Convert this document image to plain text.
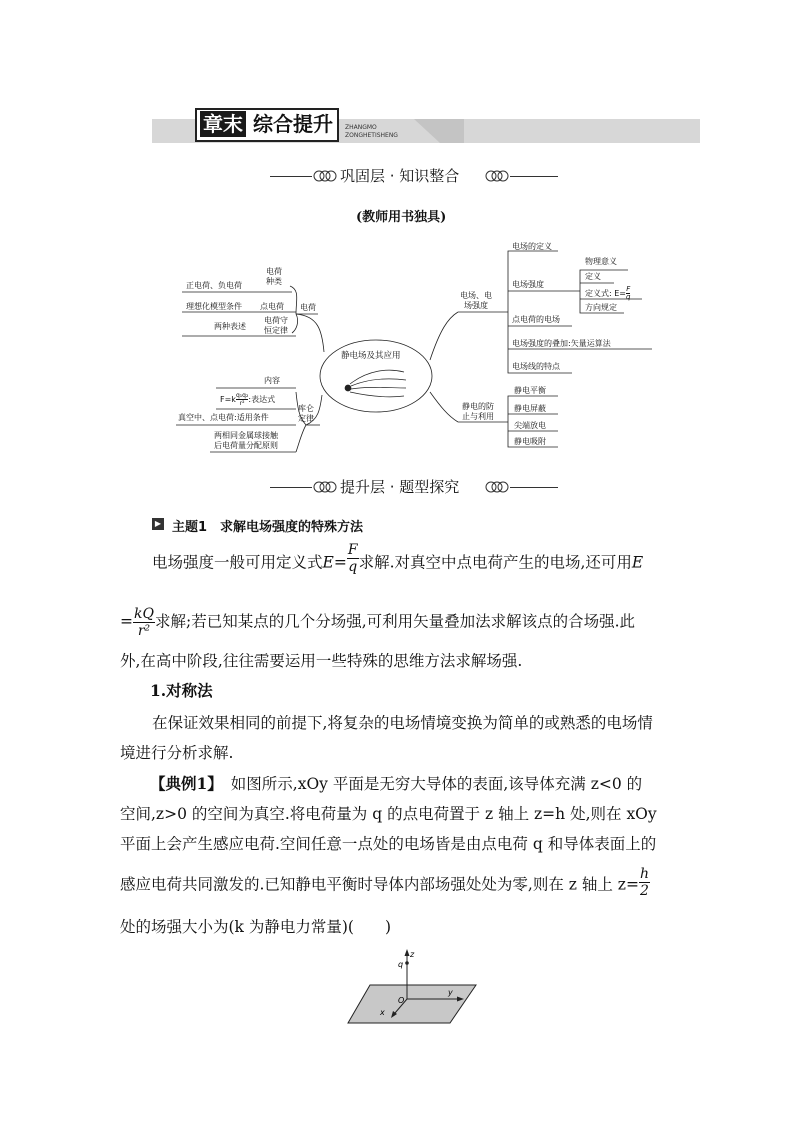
章末 综合提升 ZHANGMO
ZONGHETISHENG
巩固层 · 知识整合
(教师用书独具)
静电场及其应用
电荷
正电荷、负电荷
电荷
种类
理想化模型条件 点电荷
两种表述
电荷守
恒定律
库仑
定律
内容
$F=k \frac{\text{q₁q₂}}{\text{r²}}$ :表达式
真空中、点电荷:适用条件
两相同金属球接触
后电荷量分配原则
电场、电
场强度
电场的定义
电场强度
点电荷的电场
电场强度的叠加:矢量运算法
电场线的特点
物理意义
定义
定义式: $E= \frac{F}{q}$
方向规定
静电的防
止与利用
静电平衡
静电屏蔽
尖端放电
静电吸附
提升层 · 题型探究
▶ 主题1　求解电场强度的特殊方法
电场强度一般可用定义式$E= \frac{F}{q}$ 求解.对真空中点电荷产生的电场,还可用E
= $\frac{kQ}{\text{r²}}$ 求解;若已知某点的几个分场强,可利用矢量叠加法求解该点的合场强.此
外,在高中阶段,往往需要运用一些特殊的思维方法求解场强.
1.对称法
在保证效果相同的前提下,将复杂的电场情境变换为简单的或熟悉的电场情
境进行分析求解.
【典例1】 如图所示,xOy 平面是无穷大导体的表面,该导体充满 z<0 的
空间,z>0 的空间为真空.将电荷量为 q 的点电荷置于 z 轴上 z=h 处,则在 xOy
平面上会产生感应电荷.空间任意一点处的电场皆是由点电荷 q 和导体表面上的
感应电荷共同激发的.已知静电平衡时导体内部场强处处为零,则在 z 轴上 $z= \frac{h}{2}$
处的场强大小为(k 为静电力常量)(　　)
q
z
O
y
x
